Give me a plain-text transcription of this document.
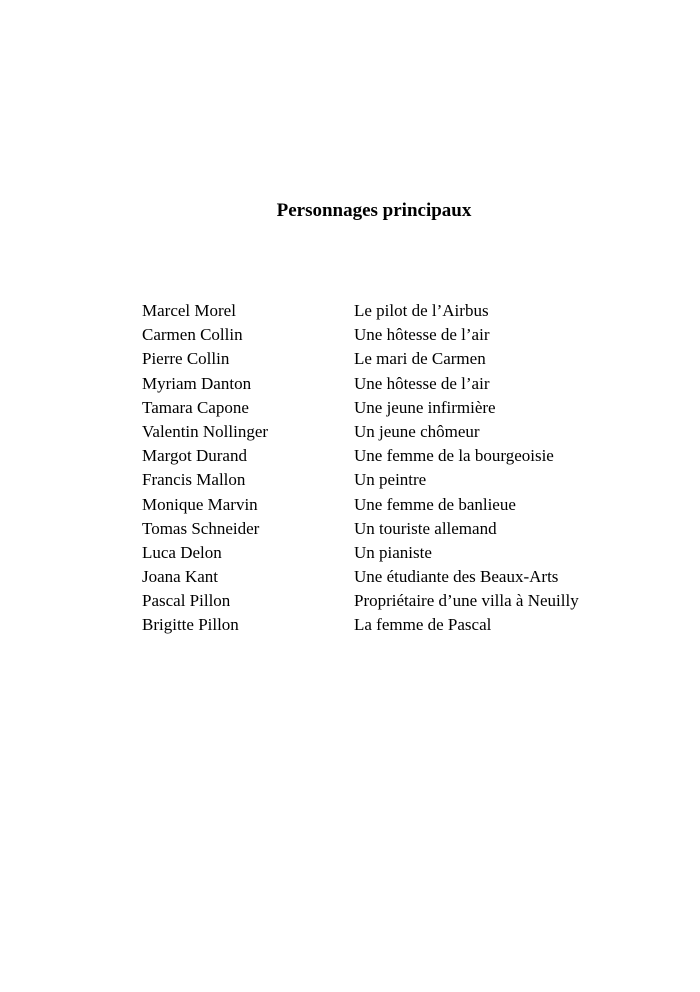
Personnages principaux
Marcel Morel	Le pilot de l’Airbus
Carmen Collin	Une hôtesse de l’air
Pierre Collin	Le mari de Carmen
Myriam Danton	Une hôtesse de l’air
Tamara Capone	Une jeune infirmière
Valentin Nollinger	Un jeune chômeur
Margot Durand	Une femme de la bourgeoisie
Francis Mallon	Un peintre
Monique Marvin	Une femme de banlieue
Tomas Schneider	Un touriste allemand
Luca Delon	Un pianiste
Joana Kant	Une étudiante des Beaux-Arts
Pascal Pillon	Propriétaire d’une villa à Neuilly
Brigitte Pillon	La femme de Pascal
